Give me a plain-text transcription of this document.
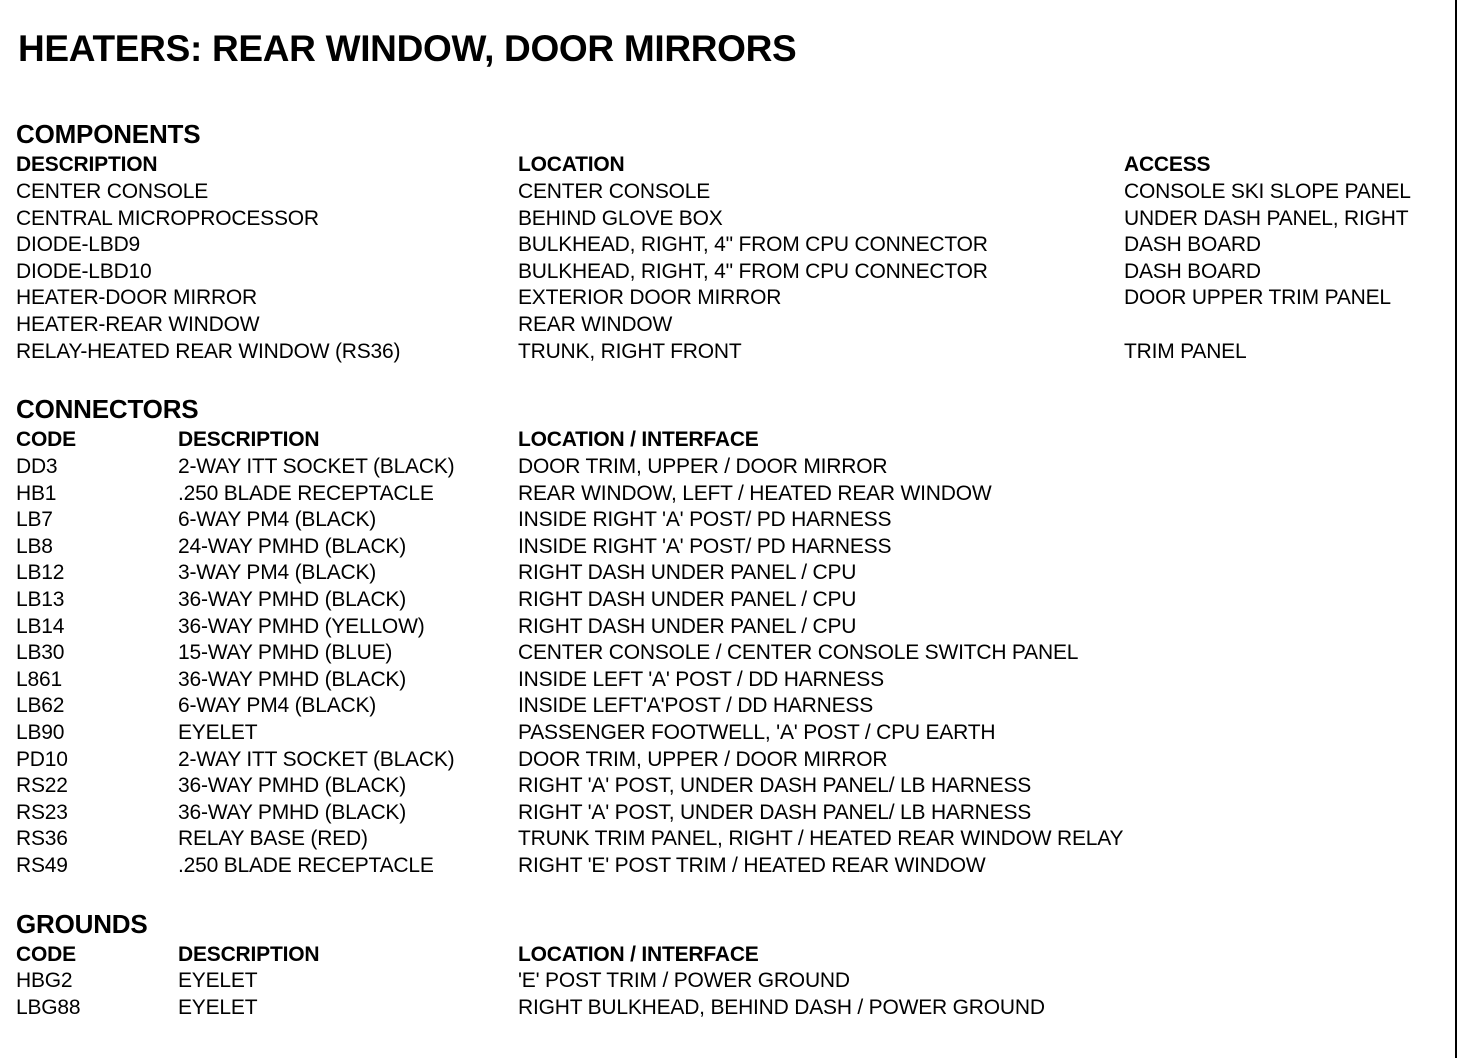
HEATERS: REAR WINDOW, DOOR MIRRORS
COMPONENTS
DESCRIPTION	LOCATION	ACCESS
CENTER CONSOLE	CENTER CONSOLE	CONSOLE SKI SLOPE PANEL
CENTRAL MICROPROCESSOR	BEHIND GLOVE BOX	UNDER DASH PANEL, RIGHT
DIODE-LBD9	BULKHEAD, RIGHT, 4" FROM CPU CONNECTOR	DASH BOARD
DIODE-LBD10	BULKHEAD, RIGHT, 4" FROM CPU CONNECTOR	DASH BOARD
HEATER-DOOR MIRROR	EXTERIOR DOOR MIRROR	DOOR UPPER TRIM PANEL
HEATER-REAR WINDOW	REAR WINDOW
RELAY-HEATED REAR WINDOW (RS36)	TRUNK, RIGHT FRONT	TRIM PANEL
CONNECTORS
CODE	DESCRIPTION	LOCATION / INTERFACE
DD3	2-WAY ITT SOCKET (BLACK)	DOOR TRIM, UPPER / DOOR MIRROR
HB1	.250 BLADE RECEPTACLE	REAR WINDOW, LEFT / HEATED REAR WINDOW
LB7	6-WAY PM4 (BLACK)	INSIDE RIGHT 'A' POST/ PD HARNESS
LB8	24-WAY PMHD (BLACK)	INSIDE RIGHT 'A' POST/ PD HARNESS
LB12	3-WAY PM4 (BLACK)	RIGHT DASH UNDER PANEL / CPU
LB13	36-WAY PMHD (BLACK)	RIGHT DASH UNDER PANEL / CPU
LB14	36-WAY PMHD (YELLOW)	RIGHT DASH UNDER PANEL / CPU
LB30	15-WAY PMHD (BLUE)	CENTER CONSOLE / CENTER CONSOLE SWITCH PANEL
L861	36-WAY PMHD (BLACK)	INSIDE LEFT 'A' POST / DD HARNESS
LB62	6-WAY PM4 (BLACK)	INSIDE LEFT'A'POST / DD HARNESS
LB90	EYELET	PASSENGER FOOTWELL, 'A' POST / CPU EARTH
PD10	2-WAY ITT SOCKET (BLACK)	DOOR TRIM, UPPER / DOOR MIRROR
RS22	36-WAY PMHD (BLACK)	RIGHT 'A' POST, UNDER DASH PANEL/ LB HARNESS
RS23	36-WAY PMHD (BLACK)	RIGHT 'A' POST, UNDER DASH PANEL/ LB HARNESS
RS36	RELAY BASE (RED)	TRUNK TRIM PANEL, RIGHT / HEATED REAR WINDOW RELAY
RS49	.250 BLADE RECEPTACLE	RIGHT 'E' POST TRIM / HEATED REAR WINDOW
GROUNDS
CODE	DESCRIPTION	LOCATION / INTERFACE
HBG2	EYELET	'E' POST TRIM / POWER GROUND
LBG88	EYELET	RIGHT BULKHEAD, BEHIND DASH / POWER GROUND
